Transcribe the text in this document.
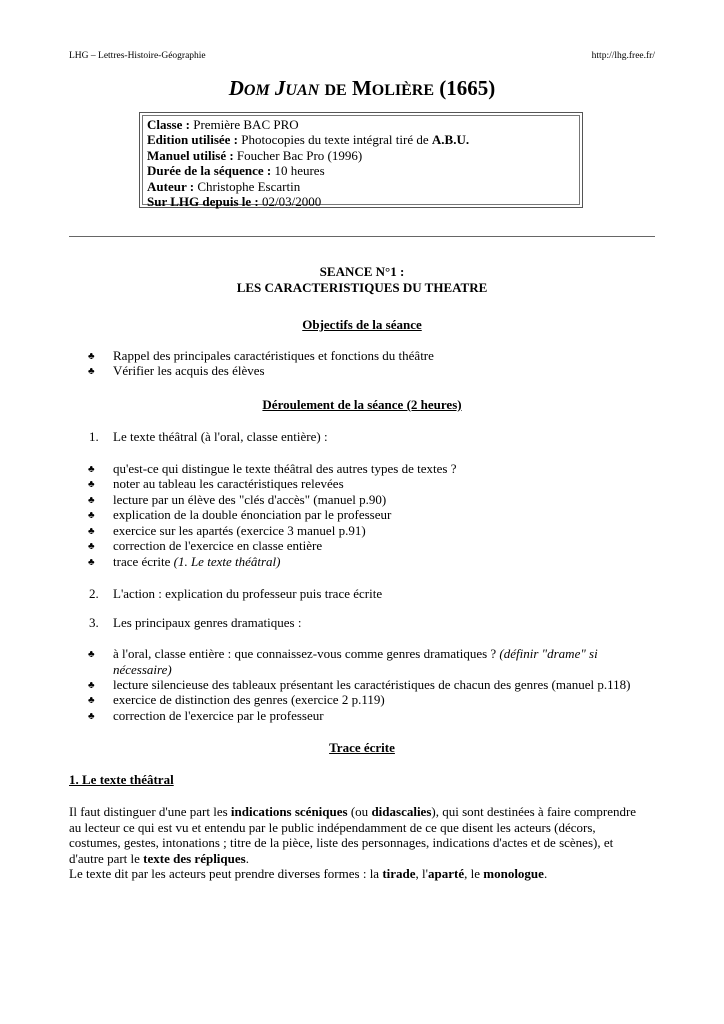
LHG – Lettres-Histoire-Géographie	http://lhg.free.fr/
DOM JUAN DE MOLIÈRE (1665)
Classe : Première BAC PRO
Edition utilisée : Photocopies du texte intégral tiré de A.B.U.
Manuel utilisé : Foucher Bac Pro (1996)
Durée de la séquence : 10 heures
Auteur : Christophe Escartin
Sur LHG depuis le : 02/03/2000
SEANCE N°1 :
LES CARACTERISTIQUES DU THEATRE
Objectifs de la séance
♣ Rappel des principales caractéristiques et fonctions du théâtre
♣ Vérifier les acquis des élèves
Déroulement de la séance (2 heures)
1. Le texte théâtral (à l'oral, classe entière) :
♣ qu'est-ce qui distingue le texte théâtral des autres types de textes ?
♣ noter au tableau les caractéristiques relevées
♣ lecture par un élève des "clés d'accès" (manuel p.90)
♣ explication de la double énonciation par le professeur
♣ exercice sur les apartés (exercice 3 manuel p.91)
♣ correction de l'exercice en classe entière
♣ trace écrite (1. Le texte théâtral)
2. L'action : explication du professeur puis trace écrite
3. Les principaux genres dramatiques :
♣ à l'oral, classe entière : que connaissez-vous comme genres dramatiques ? (définir "drame" si
nécessaire)
♣ lecture silencieuse des tableaux présentant les caractéristiques de chacun des genres (manuel p.118)
♣ exercice de distinction des genres (exercice 2 p.119)
♣ correction de l'exercice par le professeur
Trace écrite
1. Le texte théâtral
Il faut distinguer d'une part les indications scéniques (ou didascalies), qui sont destinées à faire comprendre
au lecteur ce qui est vu et entendu par le public indépendamment de ce que disent les acteurs (décors,
costumes, gestes, intonations ; titre de la pièce, liste des personnages, indications d'actes et de scènes), et
d'autre part le texte des répliques.
Le texte dit par les acteurs peut prendre diverses formes : la tirade, l'aparté, le monologue.
